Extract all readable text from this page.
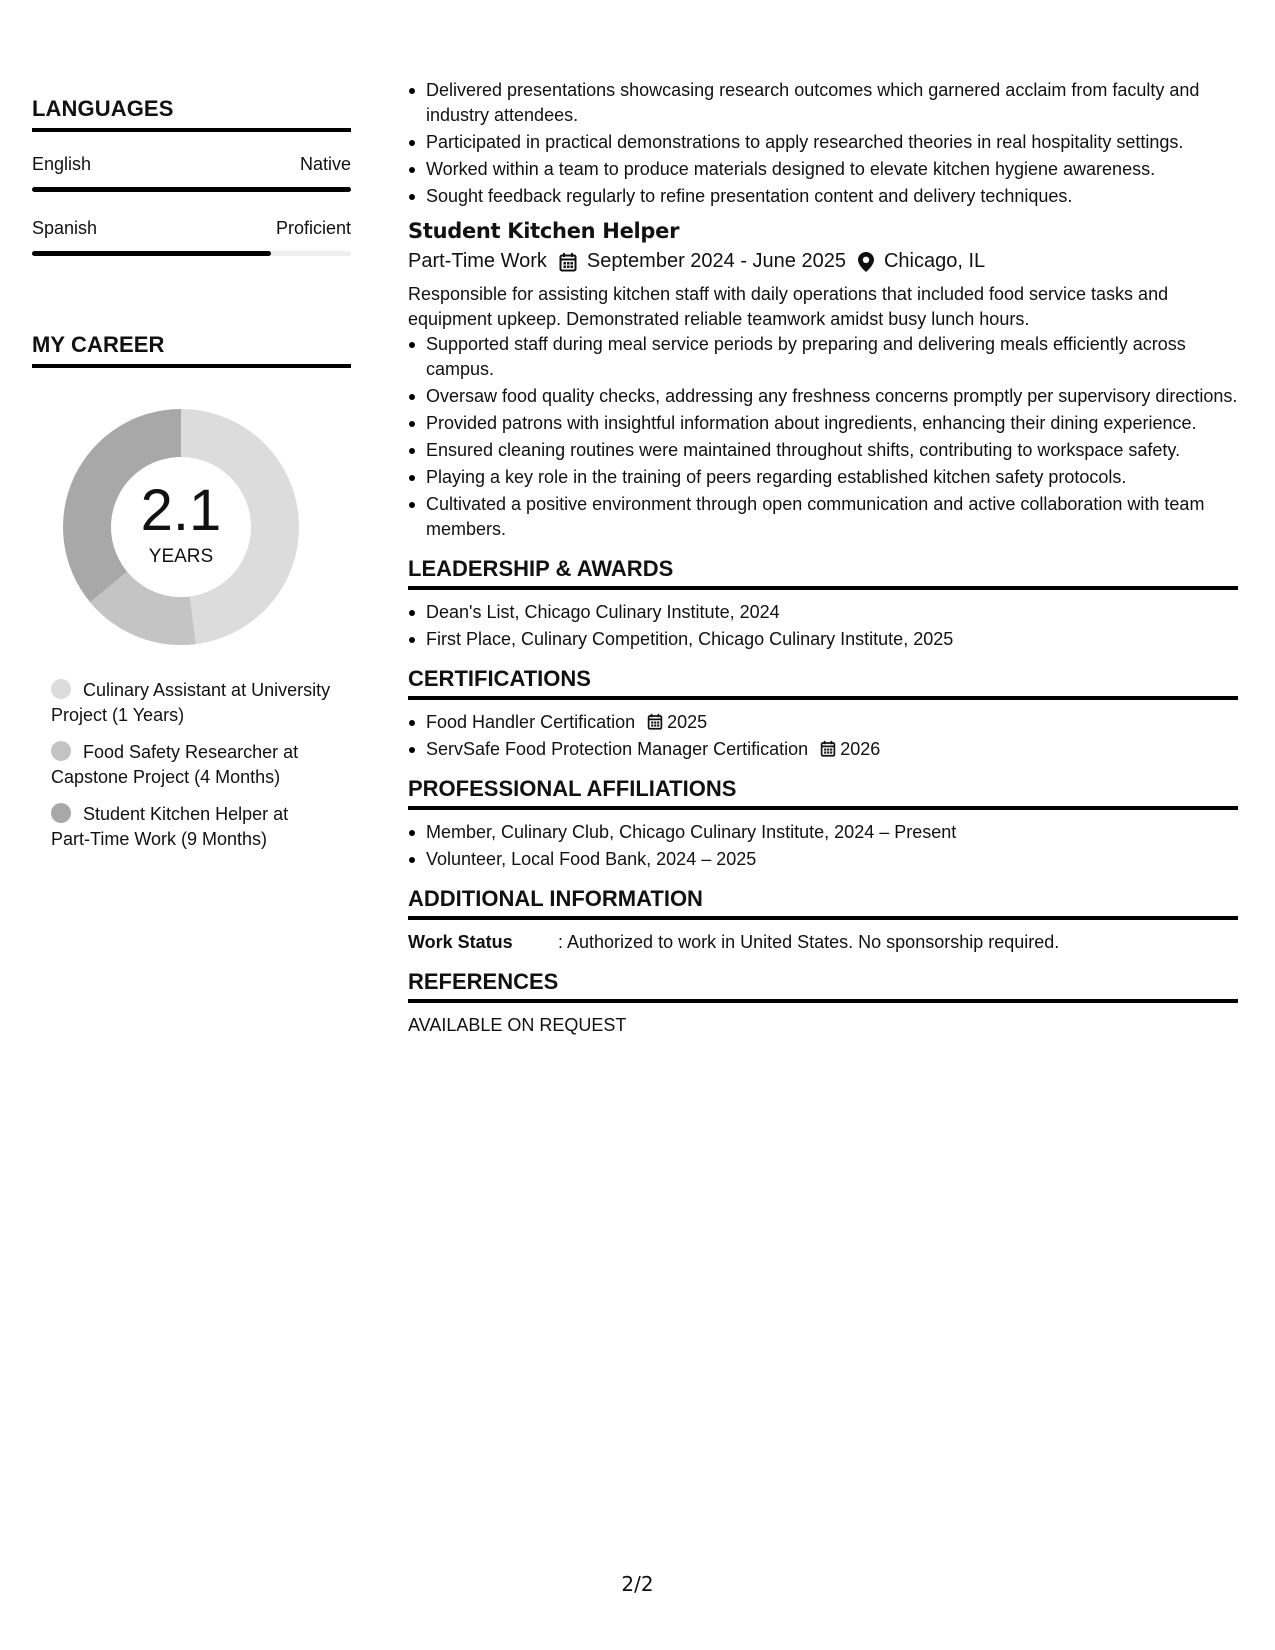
LANGUAGES
English	Native
Spanish	Proficient
MY CAREER
2.1
YEARS
Culinary Assistant at University Project (1 Years)
Food Safety Researcher at Capstone Project (4 Months)
Student Kitchen Helper at Part-Time Work (9 Months)
Delivered presentations showcasing research outcomes which garnered acclaim from faculty and industry attendees.
Participated in practical demonstrations to apply researched theories in real hospitality settings.
Worked within a team to produce materials designed to elevate kitchen hygiene awareness.
Sought feedback regularly to refine presentation content and delivery techniques.
Student Kitchen Helper
Part-Time Work September 2024 - June 2025 Chicago, IL
Responsible for assisting kitchen staff with daily operations that included food service tasks and equipment upkeep. Demonstrated reliable teamwork amidst busy lunch hours.
Supported staff during meal service periods by preparing and delivering meals efficiently across campus.
Oversaw food quality checks, addressing any freshness concerns promptly per supervisory directions.
Provided patrons with insightful information about ingredients, enhancing their dining experience.
Ensured cleaning routines were maintained throughout shifts, contributing to workspace safety.
Playing a key role in the training of peers regarding established kitchen safety protocols.
Cultivated a positive environment through open communication and active collaboration with team members.
LEADERSHIP & AWARDS
Dean's List, Chicago Culinary Institute, 2024
First Place, Culinary Competition, Chicago Culinary Institute, 2025
CERTIFICATIONS
Food Handler Certification 2025
ServSafe Food Protection Manager Certification 2026
PROFESSIONAL AFFILIATIONS
Member, Culinary Club, Chicago Culinary Institute, 2024 – Present
Volunteer, Local Food Bank, 2024 – 2025
ADDITIONAL INFORMATION
Work Status	: Authorized to work in United States. No sponsorship required.
REFERENCES
AVAILABLE ON REQUEST
2/2
